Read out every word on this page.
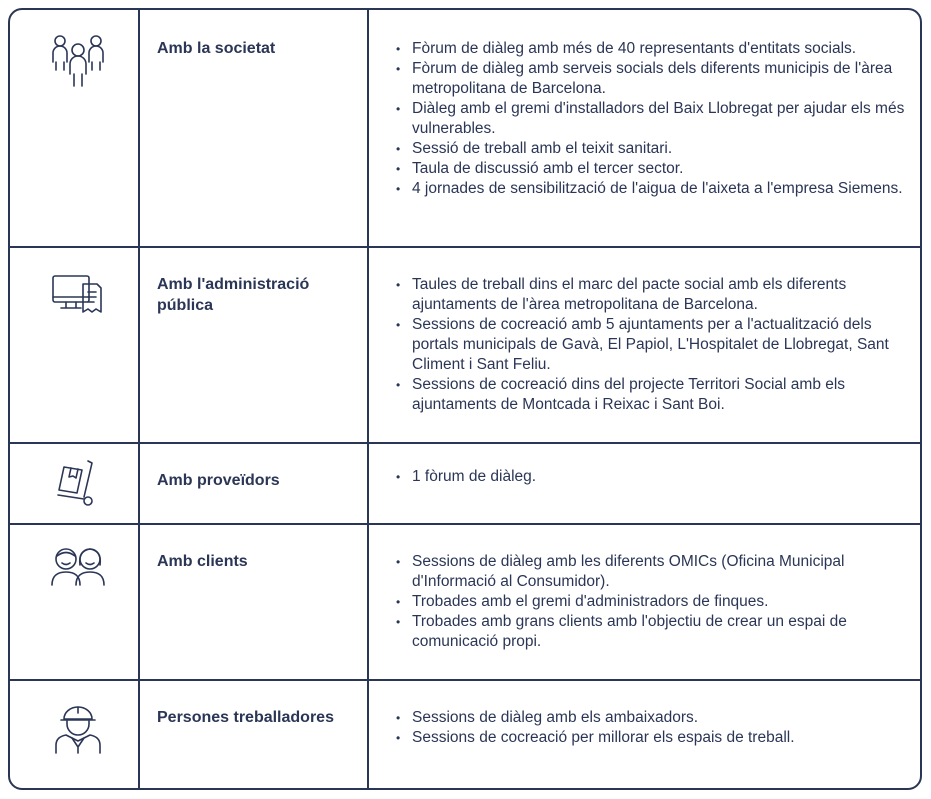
Amb la societat	• Fòrum de diàleg amb més de 40 representants d'entitats socials.
• Fòrum de diàleg amb serveis socials dels diferents municipis de l'àrea metropolitana de Barcelona.
• Diàleg amb el gremi d'installadors del Baix Llobregat per ajudar els més vulnerables.
• Sessió de treball amb el teixit sanitari.
• Taula de discussió amb el tercer sector.
• 4 jornades de sensibilització de l'aigua de l'aixeta a l'empresa Siemens.
Amb l'administració pública
• Taules de treball dins el marc del pacte social amb els diferents ajuntaments de l'àrea metropolitana de Barcelona.
• Sessions de cocreació amb 5 ajuntaments per a l'actualització dels portals municipals de Gavà, El Papiol, L'Hospitalet de Llobregat, Sant Climent i Sant Feliu.
• Sessions de cocreació dins del projecte Territori Social amb els ajuntaments de Montcada i Reixac i Sant Boi.
Amb proveïdors	• 1 fòrum de diàleg.
Amb clients	• Sessions de diàleg amb les diferents OMICs (Oficina Municipal d'Informació al Consumidor).
• Trobades amb el gremi d'administradors de finques.
• Trobades amb grans clients amb l'objectiu de crear un espai de comunicació propi.
Persones treballadores	• Sessions de diàleg amb els ambaixadors.
• Sessions de cocreació per millorar els espais de treball.
